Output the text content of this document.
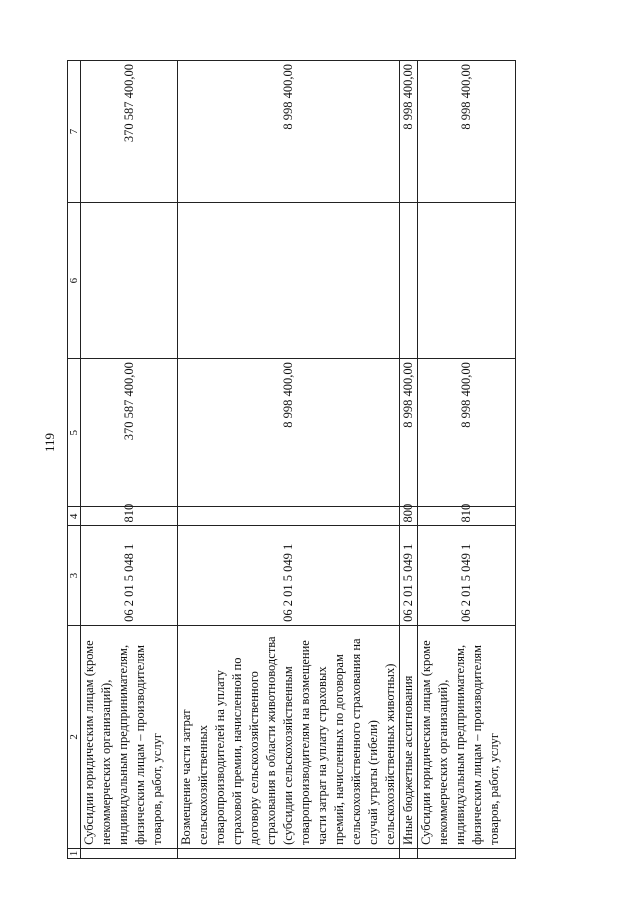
119
1	2	3	4	5	6	7
	Субсидии юридическим лицам (кроме некоммерческих организаций), индивидуальным предпринимателям, физическим лицам – производителям товаров, работ, услуг	06 2 01 5 048 1	810	370 587 400,00		370 587 400,00
	Возмещение части затрат сельскохозяйственных товаропроизводителей на уплату страховой премии, начисленной по договору сельскохозяйственного страхования в области животноводства (субсидии сельскохозяйственным товаропроизводителям на возмещение части затрат на уплату страховых премий, начисленных по договорам сельскохозяйственного страхования на случай утраты (гибели) сельскохозяйственных животных)	06 2 01 5 049 1		8 998 400,00		8 998 400,00
	Иные бюджетные ассигнования	06 2 01 5 049 1	800	8 998 400,00		8 998 400,00
	Субсидии юридическим лицам (кроме некоммерческих организаций), индивидуальным предпринимателям, физическим лицам – производителям товаров, работ, услуг	06 2 01 5 049 1	810	8 998 400,00		8 998 400,00
